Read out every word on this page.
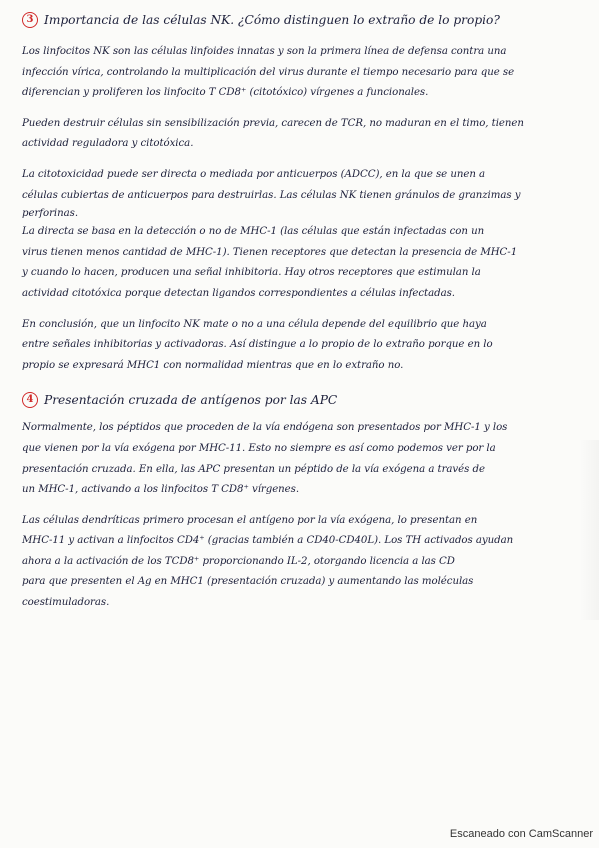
3 Importancia de las células NK. ¿Cómo distinguen lo extraño de lo propio?
Los linfocitos NK son las células linfoides innatas y son la primera línea de defensa contra una
infección vírica, controlando la multiplicación del virus durante el tiempo necesario para que se
diferencian y proliferen los linfocito T CD8⁺ (citotóxico) vírgenes a funcionales.
Pueden destruir células sin sensibilización previa, carecen de TCR, no maduran en el timo, tienen
actividad reguladora y citotóxica.
La citotoxicidad puede ser directa o mediada por anticuerpos (ADCC), en la que se unen a
células cubiertas de anticuerpos para destruirlas. Las células NK tienen gránulos de granzimas y
perforinas.
La directa se basa en la detección o no de MHC-1 (las células que están infectadas con un
virus tienen menos cantidad de MHC-1). Tienen receptores que detectan la presencia de MHC-1
y cuando lo hacen, producen una señal inhibitoria. Hay otros receptores que estimulan la
actividad citotóxica porque detectan ligandos correspondientes a células infectadas.
En conclusión, que un linfocito NK mate o no a una célula depende del equilibrio que haya
entre señales inhibitorias y activadoras. Así distingue a lo propio de lo extraño porque en lo
propio se expresará MHC1 con normalidad mientras que en lo extraño no.
4 Presentación cruzada de antígenos por las APC
Normalmente, los péptidos que proceden de la vía endógena son presentados por MHC-1 y los
que vienen por la vía exógena por MHC-11. Esto no siempre es así como podemos ver por la
presentación cruzada. En ella, las APC presentan un péptido de la vía exógena a través de
un MHC-1, activando a los linfocitos T CD8⁺ vírgenes.
Las células dendríticas primero procesan el antígeno por la vía exógena, lo presentan en
MHC-11 y activan a linfocitos CD4⁺ (gracias también a CD40-CD40L). Los TH activados ayudan
ahora a la activación de los TCD8⁺ proporcionando IL-2, otorgando licencia a las CD
para que presenten el Ag en MHC1 (presentación cruzada) y aumentando las moléculas
coestimuladoras.
Escaneado con CamScanner
